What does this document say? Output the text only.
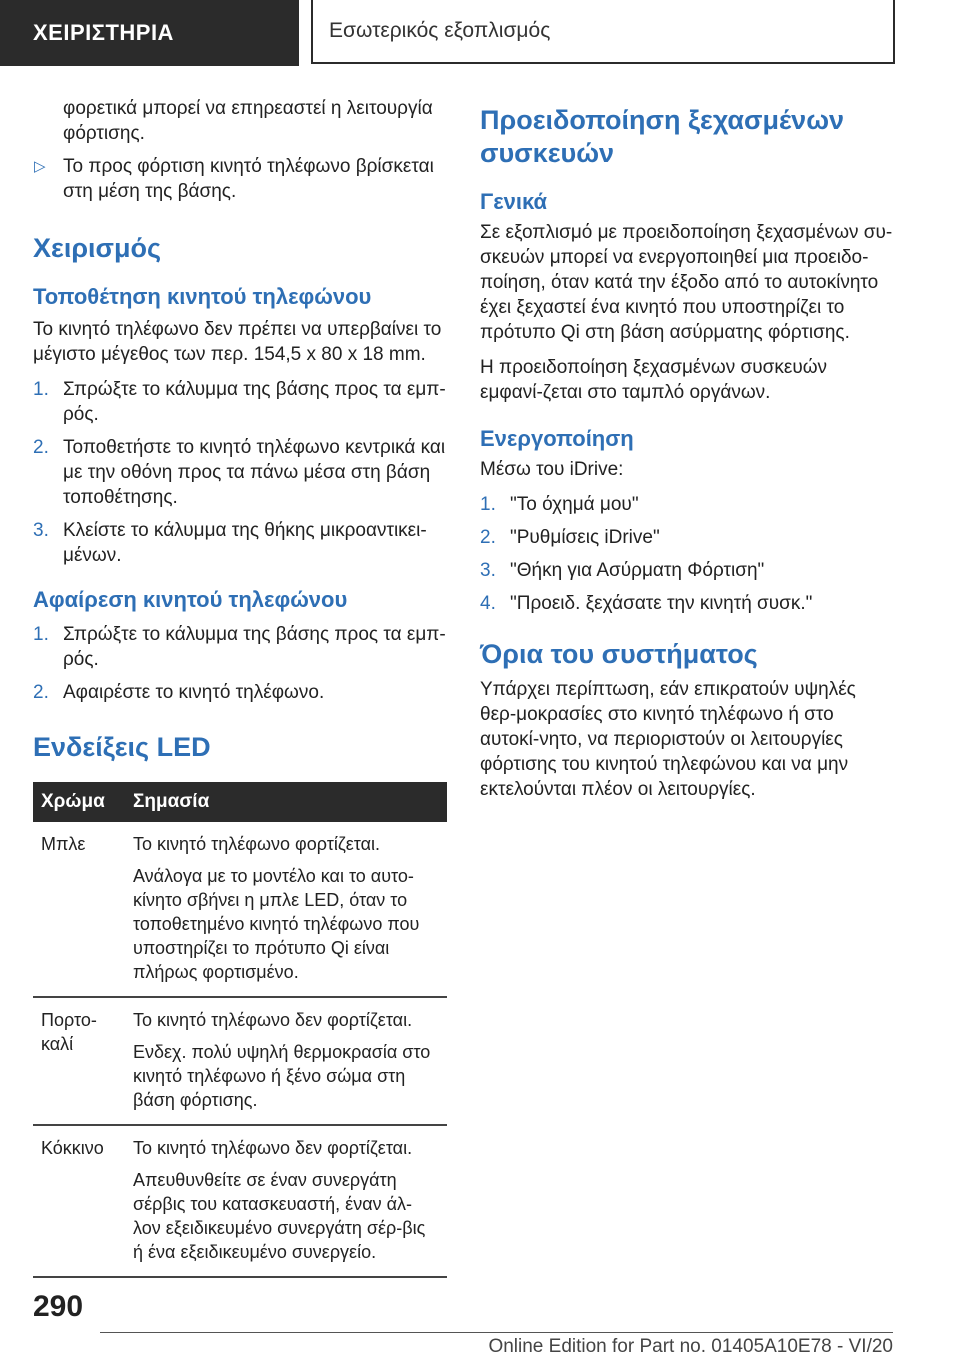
ΧΕΙΡΙΣΤΗΡΙΑ	Εσωτερικός εξοπλισμός

φορετικά μπορεί να επηρεαστεί η λειτουργία φόρτισης.

▷ Το προς φόρτιση κινητό τηλέφωνο βρίσκεται στη μέση της βάσης.
Χειρισμός
Τοποθέτηση κινητού τηλεφώνου

Το κινητό τηλέφωνο δεν πρέπει να υπερβαίνει το μέγιστο μέγεθος των περ. 154,5 x 80 x 18 mm.

1. Σπρώξτε το κάλυμμα της βάσης προς τα εμπ-ρός.
2. Τοποθετήστε το κινητό τηλέφωνο κεντρικά και με την οθόνη προς τα πάνω μέσα στη βάση τοποθέτησης.
3. Κλείστε το κάλυμμα της θήκης μικροαντικει-μένων.
Αφαίρεση κινητού τηλεφώνου
1. Σπρώξτε το κάλυμμα της βάσης προς τα εμπ-ρός.
2. Αφαιρέστε το κινητό τηλέφωνο.
Ενδείξεις LED
Χρώμα	Σημασία
Μπλε	Το κινητό τηλέφωνο φορτίζεται.

Ανάλογα με το μοντέλο και το αυτο-κίνητο σβήνει η μπλε LED, όταν το τοποθετημένο κινητό τηλέφωνο που υποστηρίζει το πρότυπο Qi είναι πλήρως φορτισμένο.

Πορτο-καλί	Το κινητό τηλέφωνο δεν φορτίζεται.

Ενδεχ. πολύ υψηλή θερμοκρασία στο κινητό τηλέφωνο ή ξένο σώμα στη βάση φόρτισης.

Κόκκινο	Το κινητό τηλέφωνο δεν φορτίζεται.

Απευθυνθείτε σε έναν συνεργάτη σέρβις του κατασκευαστή, έναν άλ-λον εξειδικευμένο συνεργάτη σέρ-βις ή ένα εξειδικευμένο συνεργείο.

Προειδοποίηση ξεχασμένων συσκευών
Γενικά

Σε εξοπλισμό με προειδοποίηση ξεχασμένων συ-σκευών μπορεί να ενεργοποιηθεί μια προειδο-ποίηση, όταν κατά την έξοδο από το αυτοκίνητο έχει ξεχαστεί ένα κινητό που υποστηρίζει το πρότυπο Qi στη βάση ασύρματης φόρτισης.

Η προειδοποίηση ξεχασμένων συσκευών εμφανί-ζεται στο ταμπλό οργάνων.

Ενεργοποίηση

Μέσω του iDrive:

1. "Το όχημά μου"
2. "Ρυθμίσεις iDrive"
3. "Θήκη για Ασύρματη Φόρτιση"
4. "Προειδ. ξεχάσατε την κινητή συσκ."
Όρια του συστήματος

Υπάρχει περίπτωση, εάν επικρατούν υψηλές θερ-μοκρασίες στο κινητό τηλέφωνο ή στο αυτοκί-νητο, να περιοριστούν οι λειτουργίες φόρτισης του κινητού τηλεφώνου και να μην εκτελούνται πλέον οι λειτουργίες.

290
Online Edition for Part no. 01405A10E78 - VI/20
